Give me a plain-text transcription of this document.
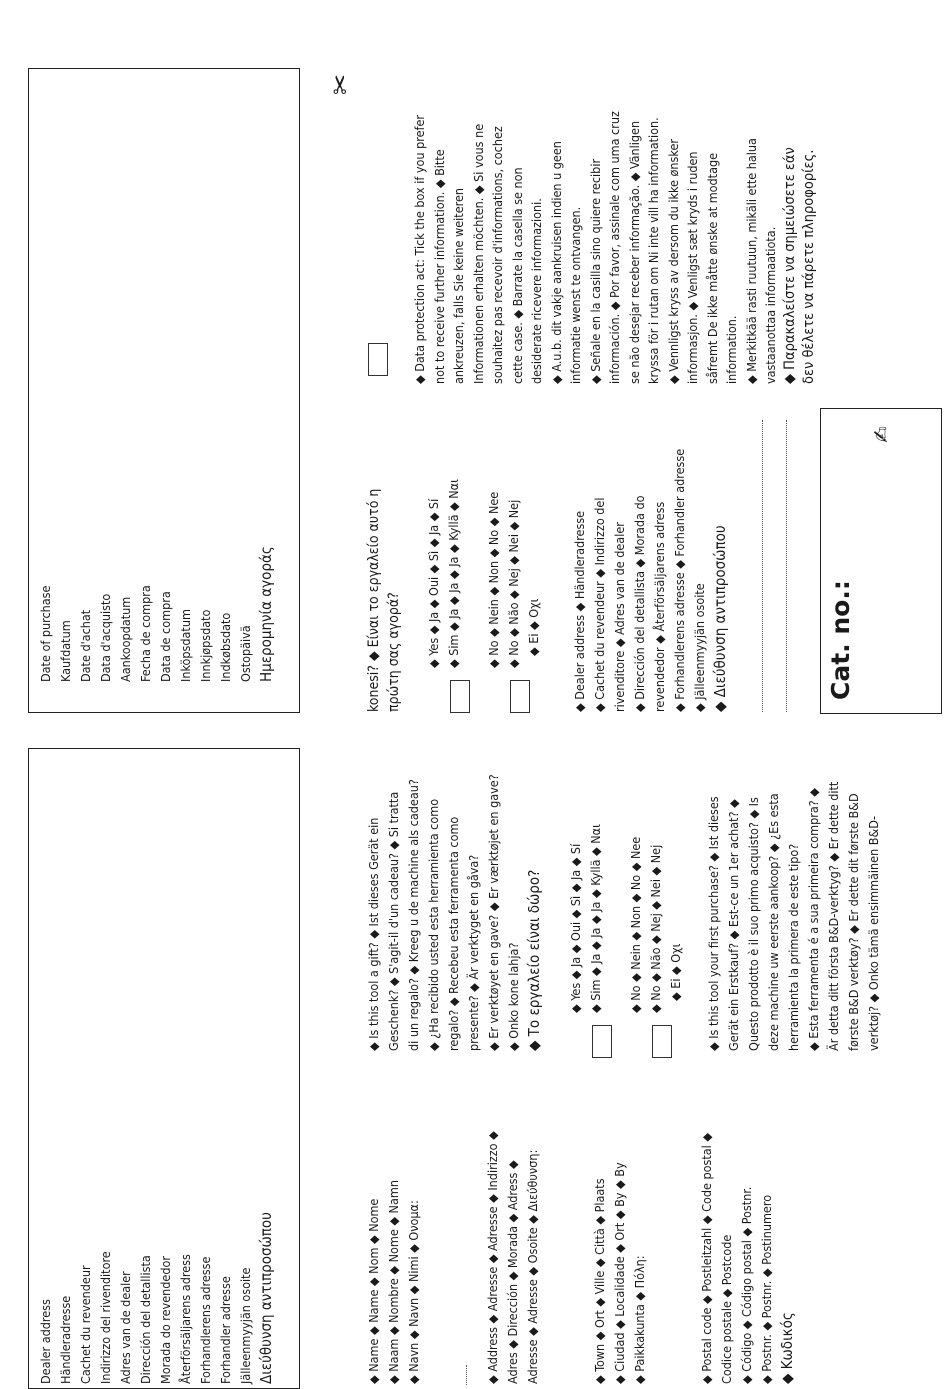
Dealer address Händleradresse Cachet du revendeur Indirizzo del rivenditore Adres van de dealer Dirección del detallista Morada do revendedor Återförsäljarens adress Forhandlerens adresse Forhandler adresse Jälleenmyyjän osoite Διεύθυνση αντιπροσώπου
Date of purchase Kaufdatum Date d'achat Data d'acquisto Aankoopdatum Fecha de compra Data de compra Inköpsdatum Innkjøpsdato Indkøbsdato Ostopäivä Ημερομηνία αγοράς
◆ Name ◆ Name ◆ Nom ◆ Nome ◆ Naam ◆ Nombre ◆ Nome ◆ Namn ◆ Navn ◆ Navn ◆ Nimi ◆ Ονομα:	◆ Address ◆ Adresse ◆ Adresse ◆ Indirizzo ◆ Adres ◆ Dirección ◆ Morada ◆ Adress ◆ Adresse ◆ Adresse ◆ Osoite ◆ Διεύθυνση:	◆ Town ◆ Ort ◆ Ville ◆ Città ◆ Plaats ◆ Ciudad ◆ Localidade ◆ Ort ◆ By ◆ By ◆ Paikkakunta ◆ Πόλη:	◆ Postal code ◆ Postleitzahl ◆ Code postal ◆ Codice postale ◆ Postcode ◆ Código ◆ Código postal ◆ Postnr. ◆ Postnr. ◆ Postnr. ◆ Postinumero ◆ Κωδικός
◆ Is this tool a gift? ◆ Ist dieses Gerät ein Geschenk? ◆ S'agit-il d'un cadeau? ◆ Si tratta di un regalo? ◆ Kreeg u de machine als cadeau? ◆ ¿Ha recibido usted esta herramienta como regalo? ◆ Recebeu esta ferramenta como presente? ◆ Är verktyget en gåva? ◆ Er verktøyet en gave? ◆ Er værktøjet en gave? ◆ Onko kone lahja? ◆ Το εργαλείο είναι δώρο? ◆ Yes ◆ Ja ◆ Oui ◆ Sì ◆ Ja ◆ Sí ◆ Sim ◆ Ja ◆ Ja ◆ Ja ◆ Kyllä ◆ Ναι ◆ No ◆ Nein ◆ Non ◆ No ◆ Nee ◆ No ◆ Não ◆ Nej ◆ Nei ◆ Nej ◆ Ei ◆ Οχι ◆ Is this tool your first purchase? ◆ Ist dieses Gerät ein Erstkauf? ◆ Est-ce un 1er achat? ◆ Questo prodotto è il suo primo acquisto? ◆ Is deze machine uw eerste aankoop? ◆ ¿Es esta herramienta la primera de este tipo? ◆ Esta ferramenta é a sua primeira compra? ◆ Är detta ditt första B&D-verktyg? ◆ Er dette ditt første B&D verktøy? ◆ Er dette dit første B&D verktøj? ◆ Onko tämä ensimmäinen B&D-
konesi? ◆ Είναι το εργαλείο αυτό η πρώτη σας αγορά? ◆ Yes ◆ Ja ◆ Oui ◆ Sì ◆ Ja ◆ Sí ◆ Sim ◆ Ja ◆ Ja ◆ Ja ◆ Kyllä ◆ Ναι ◆ No ◆ Nein ◆ Non ◆ No ◆ Nee ◆ No ◆ Não ◆ Nej ◆ Nei ◆ Nej ◆ Ei ◆ Οχι ◆ Dealer address ◆ Händleradresse ◆ Cachet du revendeur ◆ Indirizzo del rivenditore ◆ Adres van de dealer ◆ Dirección del detallista ◆ Morada do revendedor ◆ Återförsäljarens adress ◆ Forhandlerens adresse ◆ Forhandler adresse ◆ Jälleenmyyjän osoite ◆ Διεύθυνση αντιπροσώπου	Cat. no.:
✍
◆ Data protection act: Tick the box if you prefer not to receive further information. ◆ Bitte ankreuzen, falls Sie keine weiteren Informationen erhalten möchten. ◆ Si vous ne souhaitez pas recevoir d'informations, cochez cette case. ◆ Barrate la casella se non desiderate ricevere informazioni. ◆ A.u.b. dit vakje aankruisen indien u geen informatie wenst te ontvangen. ◆ Señale en la casilla sino quiere recibir información. ◆ Por favor, assinale com uma cruz se não desejar receber informação. ◆ Vänligen kryssa för i rutan om Ni inte vill ha information. ◆ Vennligst kryss av dersom du ikke ønsker informasjon. ◆ Venligst sæt kryds i ruden såfremt De ikke måtte ønske at modtage information. ◆ Merkitkää rasti ruutuun, mikäli ette halua vastaanottaa informaatiota. ◆ Παρακαλείστε να σημειώσετε εάν δεν θέλετε να πάρετε πληροφορίες.
✂
